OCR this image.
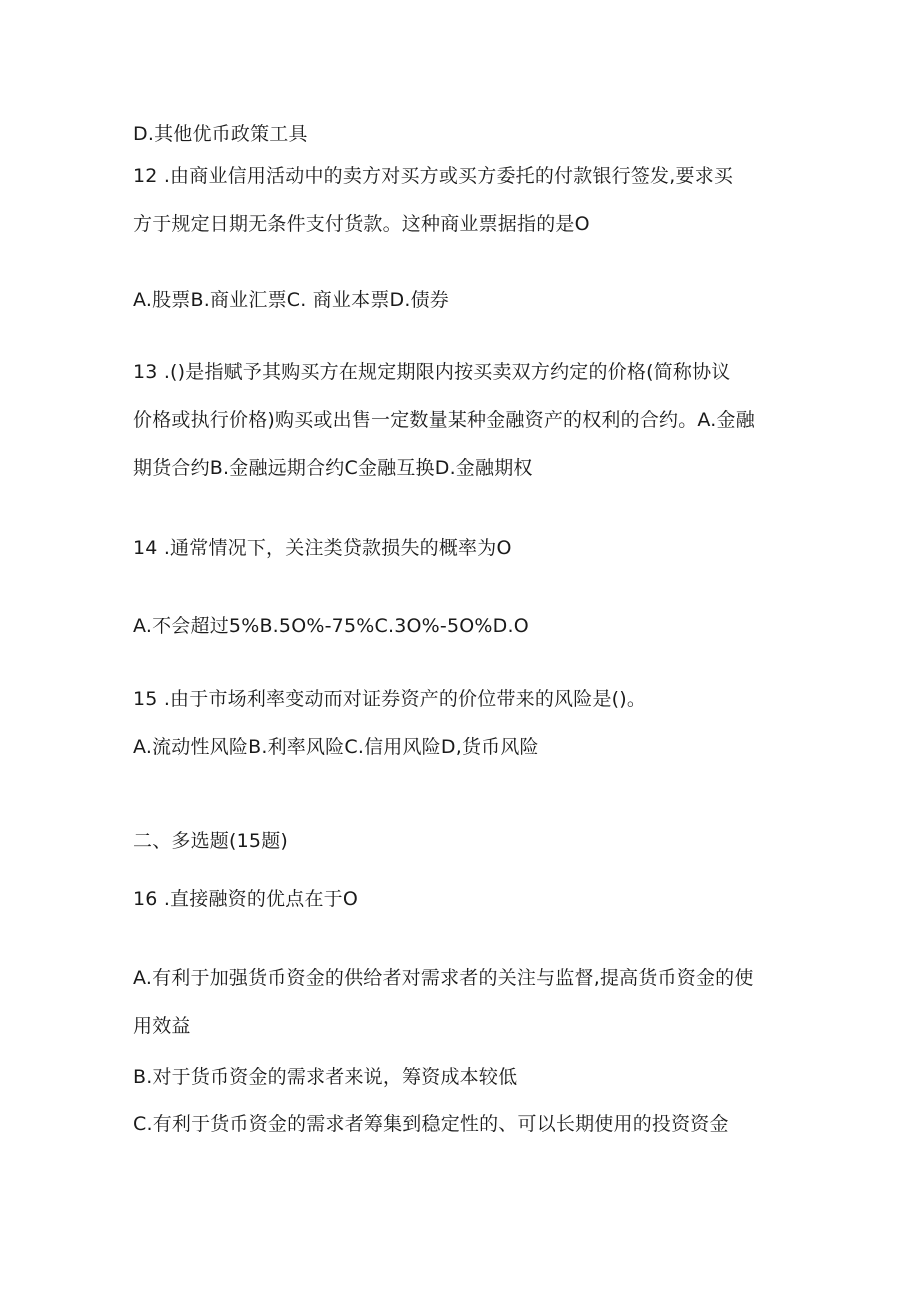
D.其他优币政策工具
12 .由商业信用活动中的卖方对买方或买方委托的付款银行签发,要求买
方于规定日期无条件支付货款。这种商业票据指的是O
A.股票B.商业汇票C. 商业本票D.债券
13 .()是指赋予其购买方在规定期限内按买卖双方约定的价格(简称协议
价格或执行价格)购买或出售一定数量某种金融资产的权利的合约。A.金融
期货合约B.金融远期合约C金融互换D.金融期权
14 .通常情况下，关注类贷款损失的概率为O
A.不会超过5%B.5O%-75%C.3O%-5O%D.O
15 .由于市场利率变动而对证券资产的价位带来的风险是()。
A.流动性风险B.利率风险C.信用风险D,货币风险
二、多选题(15题)
16 .直接融资的优点在于O
A.有利于加强货币资金的供给者对需求者的关注与监督,提高货币资金的使
用效益
B.对于货币资金的需求者来说，筹资成本较低
C.有利于货币资金的需求者筹集到稳定性的、可以长期使用的投资资金
